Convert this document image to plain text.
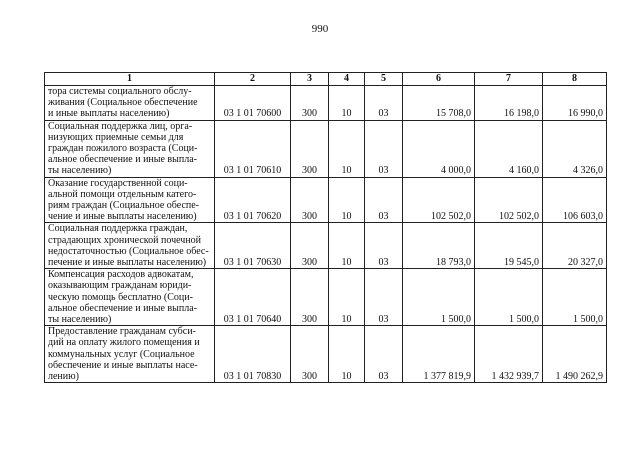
990
1	2	3	4	5	6	7	8

тора системы социального обслу-
живания (Социальное обеспечение
и иные выплаты населению)	03 1 01 70600	300	10	03	15 708,0	16 198,0	16 990,0

Социальная поддержка лиц, орга-
низующих приемные семьи для
граждан пожилого возраста (Соци-
альное обеспечение и иные выпла-
ты населению)	03 1 01 70610	300	10	03	4 000,0	4 160,0	4 326,0

Оказание государственной соци-
альной помощи отдельным катего-
риям граждан (Социальное обеспе-
чение и иные выплаты населению)	03 1 01 70620	300	10	03	102 502,0	102 502,0	106 603,0

Социальная поддержка граждан,
страдающих хронической почечной
недостаточностью (Социальное обес-
печение и иные выплаты населению)	03 1 01 70630	300	10	03	18 793,0	19 545,0	20 327,0

Компенсация расходов адвокатам,
оказывающим гражданам юриди-
ческую помощь бесплатно (Соци-
альное обеспечение и иные выпла-
ты населению)	03 1 01 70640	300	10	03	1 500,0	1 500,0	1 500,0

Предоставление гражданам субси-
дий на оплату жилого помещения и
коммунальных услуг (Социальное
обеспечение и иные выплаты насе-
лению)	03 1 01 70830	300	10	03	1 377 819,9	1 432 939,7	1 490 262,9
